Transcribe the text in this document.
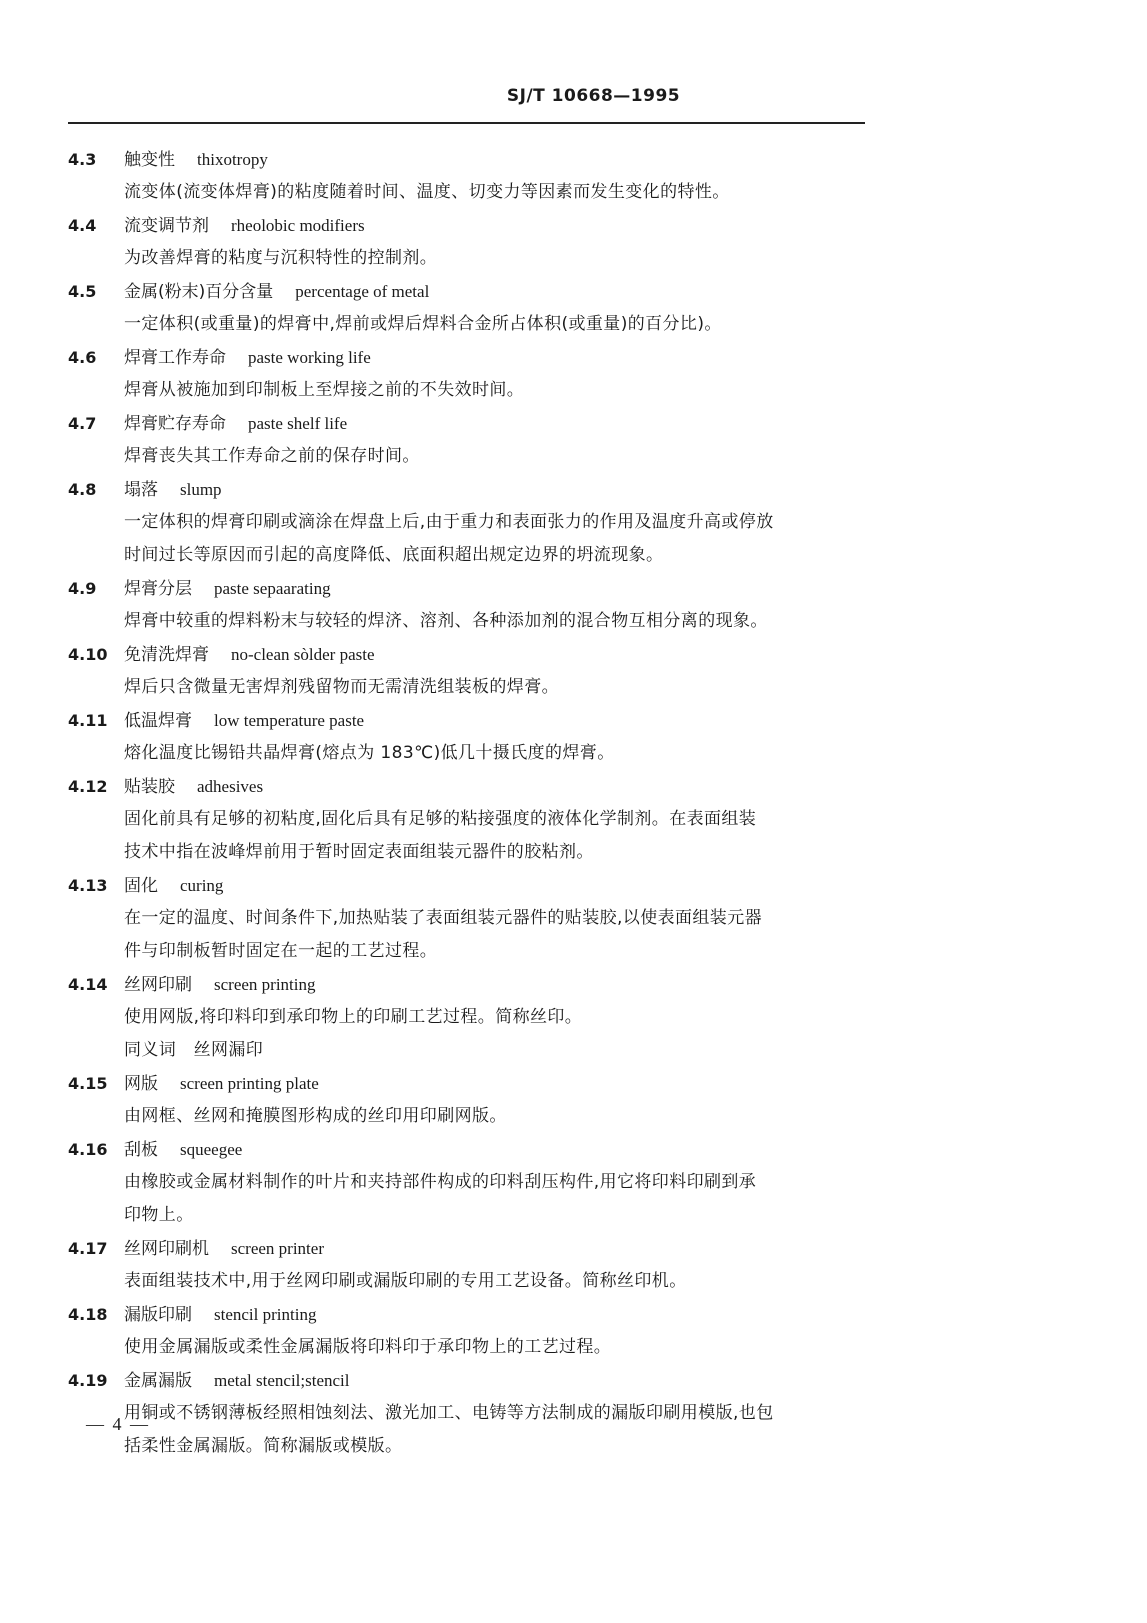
SJ/T 10668—1995
4.3 触变性 thixotropy
流变体(流变体焊膏)的粘度随着时间、温度、切变力等因素而发生变化的特性。
4.4 流变调节剂 rheolobic modifiers
为改善焊膏的粘度与沉积特性的控制剂。
4.5 金属(粉末)百分含量 percentage of metal
一定体积(或重量)的焊膏中,焊前或焊后焊料合金所占体积(或重量)的百分比)。
4.6 焊膏工作寿命 paste working life
焊膏从被施加到印制板上至焊接之前的不失效时间。
4.7 焊膏贮存寿命 paste shelf life
焊膏丧失其工作寿命之前的保存时间。
4.8 塌落 slump
一定体积的焊膏印刷或滴涂在焊盘上后,由于重力和表面张力的作用及温度升高或停放
时间过长等原因而引起的高度降低、底面积超出规定边界的坍流现象。
4.9 焊膏分层 paste sepaarating
焊膏中较重的焊料粉末与较轻的焊济、溶剂、各种添加剂的混合物互相分离的现象。
4.10 免清洗焊膏 no-clean sòlder paste
焊后只含微量无害焊剂残留物而无需清洗组装板的焊膏。
4.11 低温焊膏 low temperature paste
熔化温度比锡铅共晶焊膏(熔点为 183℃)低几十摄氏度的焊膏。
4.12 贴装胶 adhesives
固化前具有足够的初粘度,固化后具有足够的粘接强度的液体化学制剂。在表面组装
技术中指在波峰焊前用于暂时固定表面组装元器件的胶粘剂。
4.13 固化 curing
在一定的温度、时间条件下,加热贴装了表面组装元器件的贴装胶,以使表面组装元器
件与印制板暂时固定在一起的工艺过程。
4.14 丝网印刷 screen printing
使用网版,将印料印到承印物上的印刷工艺过程。简称丝印。
同义词　丝网漏印
4.15 网版 screen printing plate
由网框、丝网和掩膜图形构成的丝印用印刷网版。
4.16 刮板 squeegee
由橡胶或金属材料制作的叶片和夹持部件构成的印料刮压构件,用它将印料印刷到承
印物上。
4.17 丝网印刷机 screen printer
表面组装技术中,用于丝网印刷或漏版印刷的专用工艺设备。简称丝印机。
4.18 漏版印刷 stencil printing
使用金属漏版或柔性金属漏版将印料印于承印物上的工艺过程。
4.19 金属漏版 metal stencil;stencil
用铜或不锈钢薄板经照相蚀刻法、激光加工、电铸等方法制成的漏版印刷用模版,也包
括柔性金属漏版。简称漏版或模版。
— 4 —
